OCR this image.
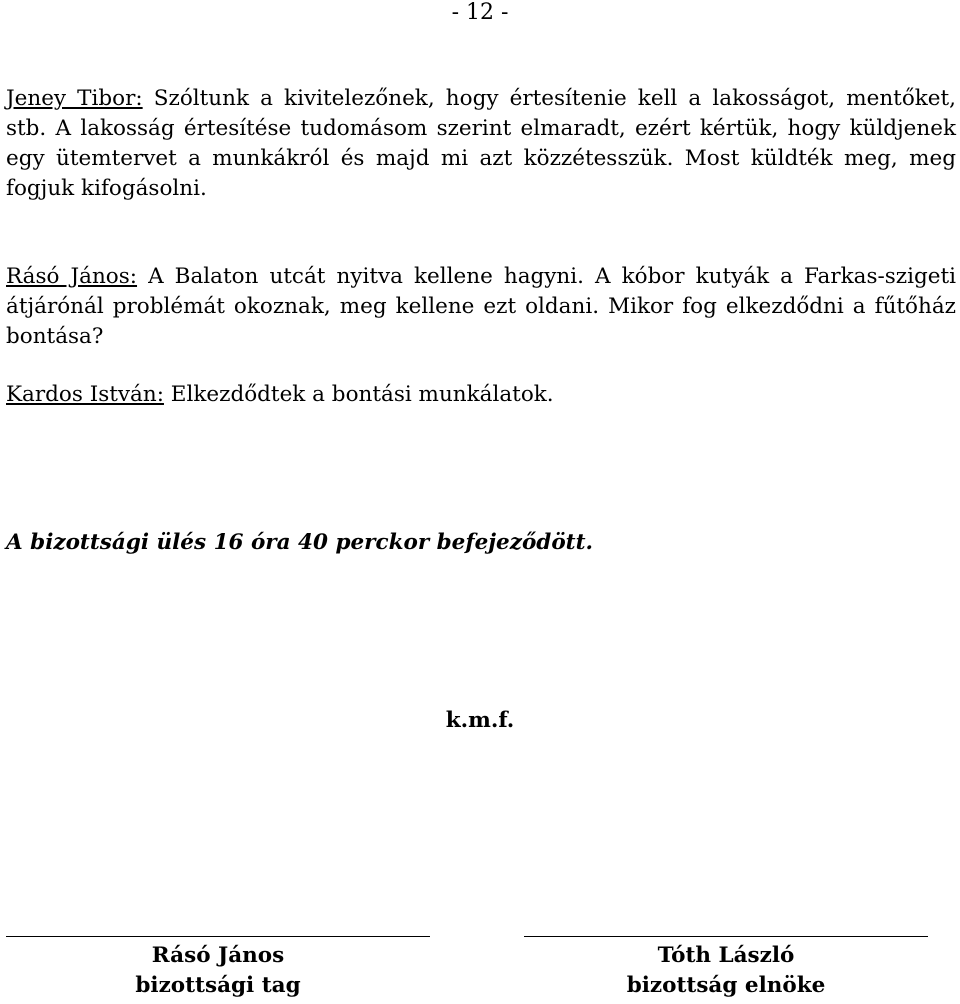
- 12 -

Jeney Tibor: Szóltunk a kivitelezőnek, hogy értesítenie kell a lakosságot, mentőket, stb. A lakosság értesítése tudomásom szerint elmaradt, ezért kértük, hogy küldjenek egy ütemtervet a munkákról és majd mi azt közzétesszük. Most küldték meg, meg fogjuk kifogásolni.

Rásó János: A Balaton utcát nyitva kellene hagyni. A kóbor kutyák a Farkas-szigeti átjárónál problémát okoznak, meg kellene ezt oldani. Mikor fog elkezdődni a fűtőház bontása?

Kardos István: Elkezdődtek a bontási munkálatok.

A bizottsági ülés 16 óra 40 perckor befejeződött.

k.m.f.
Rásó János
bizottsági tag
Tóth László
bizottság elnöke
